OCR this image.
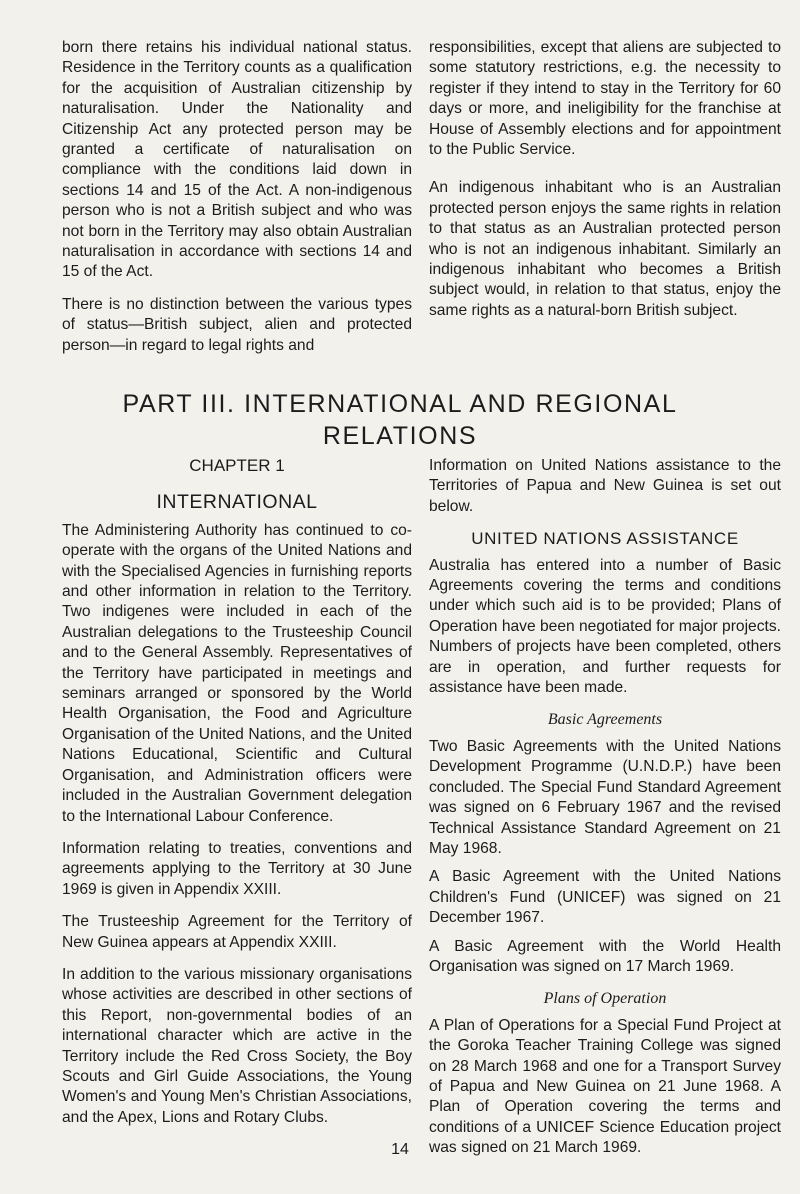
born there retains his individual national status. Residence in the Territory counts as a qualification for the acquisition of Australian citizenship by naturalisation. Under the Nationality and Citizenship Act any protected person may be granted a certificate of naturalisation on compliance with the conditions laid down in sections 14 and 15 of the Act. A non-indigenous person who is not a British subject and who was not born in the Territory may also obtain Australian naturalisation in accordance with sections 14 and 15 of the Act.

There is no distinction between the various types of status—British subject, alien and protected person—in regard to legal rights and

responsibilities, except that aliens are subjected to some statutory restrictions, e.g. the necessity to register if they intend to stay in the Territory for 60 days or more, and ineligibility for the franchise at House of Assembly elections and for appointment to the Public Service.

An indigenous inhabitant who is an Australian protected person enjoys the same rights in relation to that status as an Australian protected person who is not an indigenous inhabitant. Similarly an indigenous inhabitant who becomes a British subject would, in relation to that status, enjoy the same rights as a natural-born British subject.

PART III. INTERNATIONAL AND REGIONAL
RELATIONS
CHAPTER 1
INTERNATIONAL

The Administering Authority has continued to co-operate with the organs of the United Nations and with the Specialised Agencies in furnishing reports and other information in relation to the Territory. Two indigenes were included in each of the Australian delegations to the Trusteeship Council and to the General Assembly. Representatives of the Territory have participated in meetings and seminars arranged or sponsored by the World Health Organisation, the Food and Agriculture Organisation of the United Nations, and the United Nations Educational, Scientific and Cultural Organisation, and Administration officers were included in the Australian Government delegation to the International Labour Conference.

Information relating to treaties, conventions and agreements applying to the Territory at 30 June 1969 is given in Appendix XXIII.

The Trusteeship Agreement for the Territory of New Guinea appears at Appendix XXIII.

In addition to the various missionary organisations whose activities are described in other sections of this Report, non-governmental bodies of an international character which are active in the Territory include the Red Cross Society, the Boy Scouts and Girl Guide Associations, the Young Women's and Young Men's Christian Associations, and the Apex, Lions and Rotary Clubs.

Information on United Nations assistance to the Territories of Papua and New Guinea is set out below.

UNITED NATIONS ASSISTANCE

Australia has entered into a number of Basic Agreements covering the terms and conditions under which such aid is to be provided; Plans of Operation have been negotiated for major projects. Numbers of projects have been completed, others are in operation, and further requests for assistance have been made.

Basic Agreements

Two Basic Agreements with the United Nations Development Programme (U.N.D.P.) have been concluded. The Special Fund Standard Agreement was signed on 6 February 1967 and the revised Technical Assistance Standard Agreement on 21 May 1968.

A Basic Agreement with the United Nations Children's Fund (UNICEF) was signed on 21 December 1967.

A Basic Agreement with the World Health Organisation was signed on 17 March 1969.

Plans of Operation

A Plan of Operations for a Special Fund Project at the Goroka Teacher Training College was signed on 28 March 1968 and one for a Transport Survey of Papua and New Guinea on 21 June 1968. A Plan of Operation covering the terms and conditions of a UNICEF Science Education project was signed on 21 March 1969.

14
